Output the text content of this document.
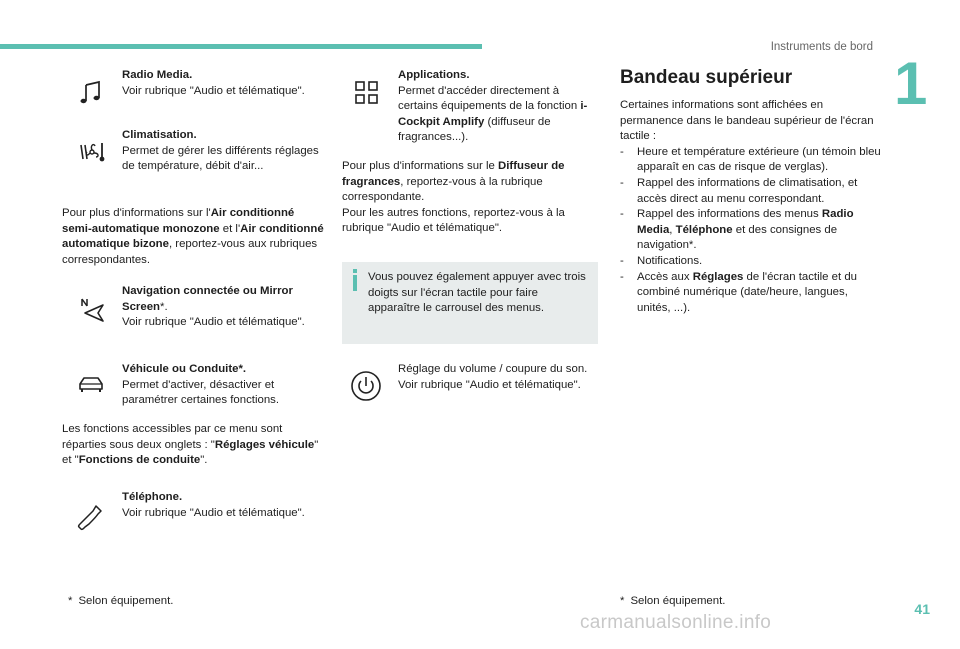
Instruments de bord
1
Radio Media.
Voir rubrique "Audio et télématique".
Climatisation.
Permet de gérer les différents réglages de température, débit d'air...
Pour plus d'informations sur l'Air conditionné semi-automatique monozone et l'Air conditionné automatique bizone, reportez-vous aux rubriques correspondantes.
Navigation connectée ou Mirror Screen*.
Voir rubrique "Audio et télématique".
Véhicule ou Conduite*.
Permet d'activer, désactiver et paramétrer certaines fonctions.
Les fonctions accessibles par ce menu sont réparties sous deux onglets : "Réglages véhicule" et "Fonctions de conduite".
Téléphone.
Voir rubrique "Audio et télématique".
* Selon équipement.
Applications.
Permet d'accéder directement à certains équipements de la fonction i-Cockpit Amplify (diffuseur de fragrances...).
Pour plus d'informations sur le Diffuseur de fragrances, reportez-vous à la rubrique correspondante.
Pour les autres fonctions, reportez-vous à la rubrique "Audio et télématique".
Vous pouvez également appuyer avec trois doigts sur l'écran tactile pour faire apparaître le carrousel des menus.
Réglage du volume / coupure du son.
Voir rubrique "Audio et télématique".
Bandeau supérieur
Certaines informations sont affichées en permanence dans le bandeau supérieur de l'écran tactile :
- Heure et température extérieure (un témoin bleu apparaît en cas de risque de verglas).
- Rappel des informations de climatisation, et accès direct au menu correspondant.
- Rappel des informations des menus Radio Media, Téléphone et des consignes de navigation*.
- Notifications.
- Accès aux Réglages de l'écran tactile et du combiné numérique (date/heure, langues, unités, ...).
* Selon équipement.	41
carmanualsonline.info
